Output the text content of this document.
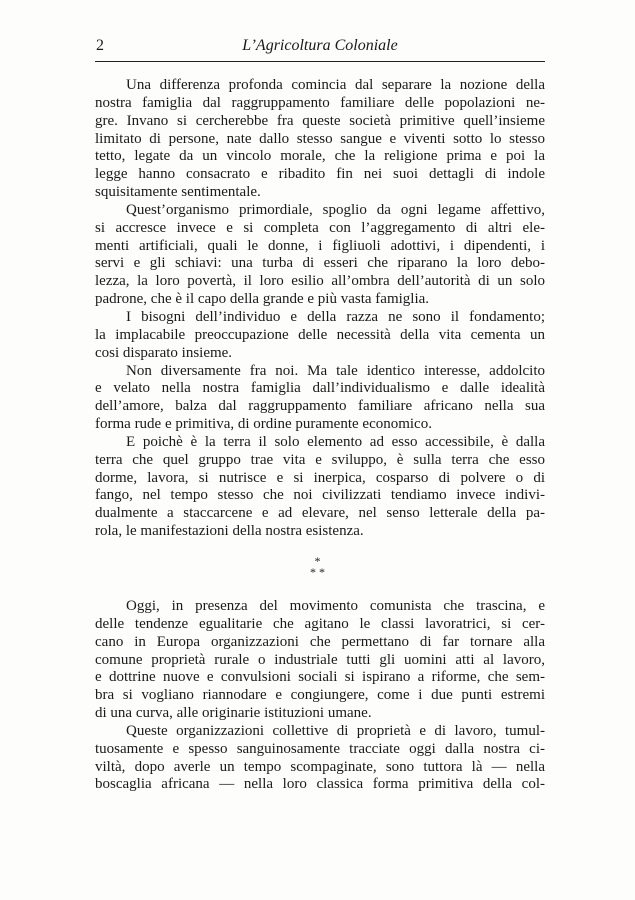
2	L’Agricoltura Coloniale
Una differenza profonda comincia dal separare la nozione della
nostra famiglia dal raggruppamento familiare delle popolazioni ne-
gre. Invano si cercherebbe fra queste società primitive quell’insieme
limitato di persone, nate dallo stesso sangue e viventi sotto lo stesso
tetto, legate da un vincolo morale, che la religione prima e poi la
legge hanno consacrato e ribadito fin nei suoi dettagli di indole
squisitamente sentimentale.
Quest’organismo primordiale, spoglio da ogni legame affettivo,
si accresce invece e si completa con l’aggregamento di altri ele-
menti artificiali, quali le donne, i figliuoli adottivi, i dipendenti, i
servi e gli schiavi: una turba di esseri che riparano la loro debo-
lezza, la loro povertà, il loro esilio all’ombra dell’autorità di un solo
padrone, che è il capo della grande e più vasta famiglia.
I bisogni dell’individuo e della razza ne sono il fondamento;
la implacabile preoccupazione delle necessità della vita cementa un
cosi disparato insieme.
Non diversamente fra noi. Ma tale identico interesse, addolcito
e velato nella nostra famiglia dall’individualismo e dalle idealità
dell’amore, balza dal raggruppamento familiare africano nella sua
forma rude e primitiva, di ordine puramente economico.
E poichè è la terra il solo elemento ad esso accessibile, è dalla
terra che quel gruppo trae vita e sviluppo, è sulla terra che esso
dorme, lavora, si nutrisce e si inerpica, cosparso di polvere o di
fango, nel tempo stesso che noi civilizzati tendiamo invece indivi-
dualmente a staccarcene e ad elevare, nel senso letterale della pa-
rola, le manifestazioni della nostra esistenza.
*
* *
Oggi, in presenza del movimento comunista che trascina, e
delle tendenze egualitarie che agitano le classi lavoratrici, si cer-
cano in Europa organizzazioni che permettano di far tornare alla
comune proprietà rurale o industriale tutti gli uomini atti al lavoro,
e dottrine nuove e convulsioni sociali si ispirano a riforme, che sem-
bra si vogliano riannodare e congiungere, come i due punti estremi
di una curva, alle originarie istituzioni umane.
Queste organizzazioni collettive di proprietà e di lavoro, tumul-
tuosamente e spesso sanguinosamente tracciate oggi dalla nostra ci-
viltà, dopo averle un tempo scompaginate, sono tuttora là — nella
boscaglia africana — nella loro classica forma primitiva della col-
